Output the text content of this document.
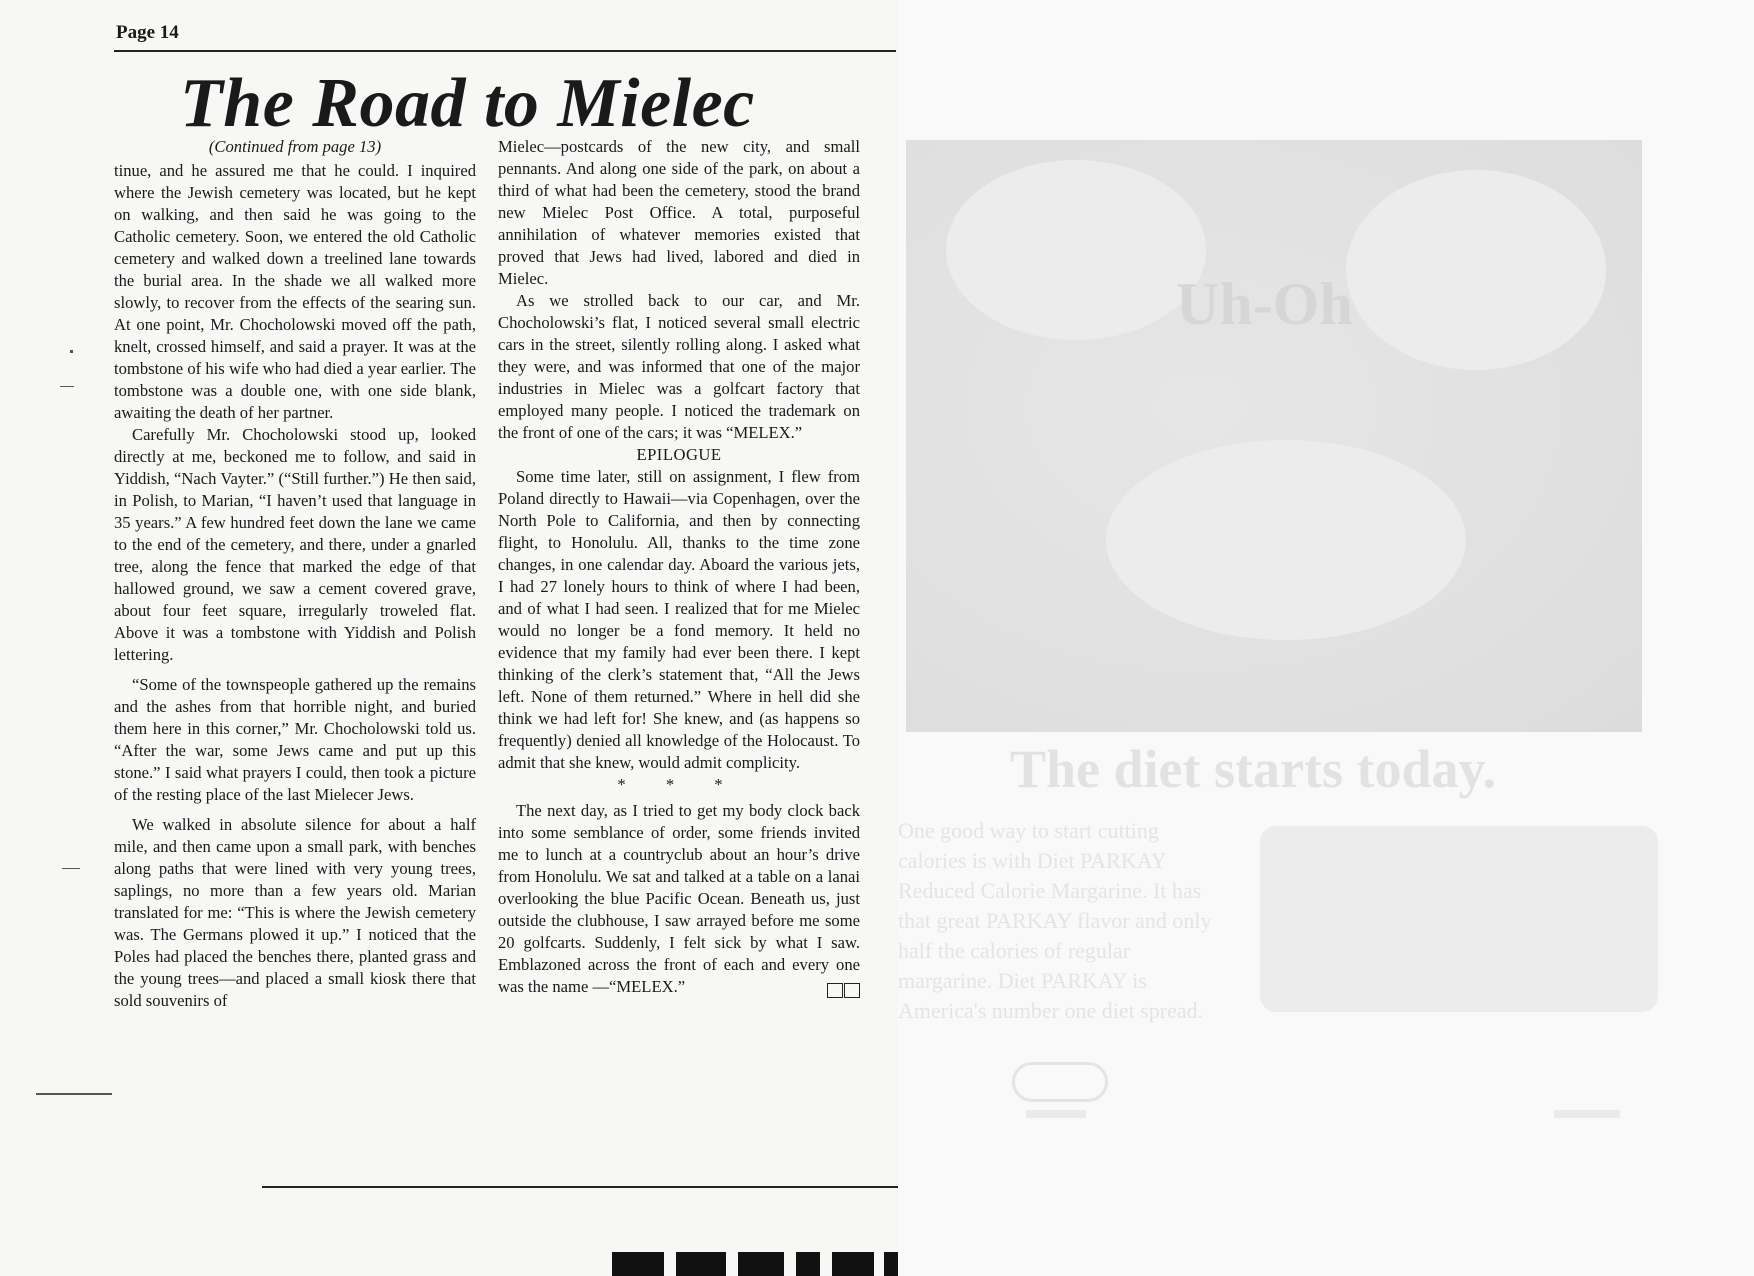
Page 14
The Road to Mielec
(Continued from page 13)

tinue, and he assured me that he could. I inquired where the Jewish cemetery was located, but he kept on walking, and then said he was going to the Catholic cemetery. Soon, we entered the old Catholic cemetery and walked down a treelined lane towards the burial area. In the shade we all walked more slowly, to recover from the effects of the searing sun. At one point, Mr. Chocholowski moved off the path, knelt, crossed himself, and said a prayer. It was at the tombstone of his wife who had died a year earlier. The tombstone was a double one, with one side blank, awaiting the death of her partner.

Carefully Mr. Chocholowski stood up, looked directly at me, beckoned me to follow, and said in Yiddish, “Nach Vayter.” (“Still further.”) He then said, in Polish, to Marian, “I haven’t used that language in 35 years.” A few hundred feet down the lane we came to the end of the cemetery, and there, under a gnarled tree, along the fence that marked the edge of that hallowed ground, we saw a cement covered grave, about four feet square, irregularly troweled flat. Above it was a tombstone with Yiddish and Polish lettering.

“Some of the townspeople gathered up the remains and the ashes from that horrible night, and buried them here in this corner,” Mr. Chocholowski told us. “After the war, some Jews came and put up this stone.” I said what prayers I could, then took a picture of the resting place of the last Mielecer Jews.

We walked in absolute silence for about a half mile, and then came upon a small park, with benches along paths that were lined with very young trees, saplings, no more than a few years old. Marian translated for me: “This is where the Jewish cemetery was. The Germans plowed it up.” I noticed that the Poles had placed the benches there, planted grass and the young trees—and placed a small kiosk there that sold souvenirs of

Mielec—postcards of the new city, and small pennants. And along one side of the park, on about a third of what had been the cemetery, stood the brand new Mielec Post Office. A total, purposeful annihilation of whatever memories existed that proved that Jews had lived, labored and died in Mielec.

As we strolled back to our car, and Mr. Chocholowski’s flat, I noticed several small electric cars in the street, silently rolling along. I asked what they were, and was informed that one of the major industries in Mielec was a golfcart factory that employed many people. I noticed the trademark on the front of one of the cars; it was “MELEX.”

EPILOGUE

Some time later, still on assignment, I flew from Poland directly to Hawaii—via Copenhagen, over the North Pole to California, and then by connecting flight, to Honolulu. All, thanks to the time zone changes, in one calendar day. Aboard the various jets, I had 27 lonely hours to think of where I had been, and of what I had seen. I realized that for me Mielec would no longer be a fond memory. It held no evidence that my family had ever been there. I kept thinking of the clerk’s statement that, “All the Jews left. None of them returned.” Where in hell did she think we had left for! She knew, and (as happens so frequently) denied all knowledge of the Holocaust. To admit that she knew, would admit complicity.

* * *

The next day, as I tried to get my body clock back into some semblance of order, some friends invited me to lunch at a countryclub about an hour’s drive from Honolulu. We sat and talked at a table on a lanai overlooking the blue Pacific Ocean. Beneath us, just outside the clubhouse, I saw arrayed before me some 20 golfcarts. Suddenly, I felt sick by what I saw. Emblazoned across the front of each and every one was the name —“MELEX.”

Uh-Oh
The diet starts today.
One good way to start cutting calories is with Diet PARKAY Reduced Calorie Margarine. It has that great PARKAY flavor and only half the calories of regular margarine. Diet PARKAY is America's number one diet spread.
